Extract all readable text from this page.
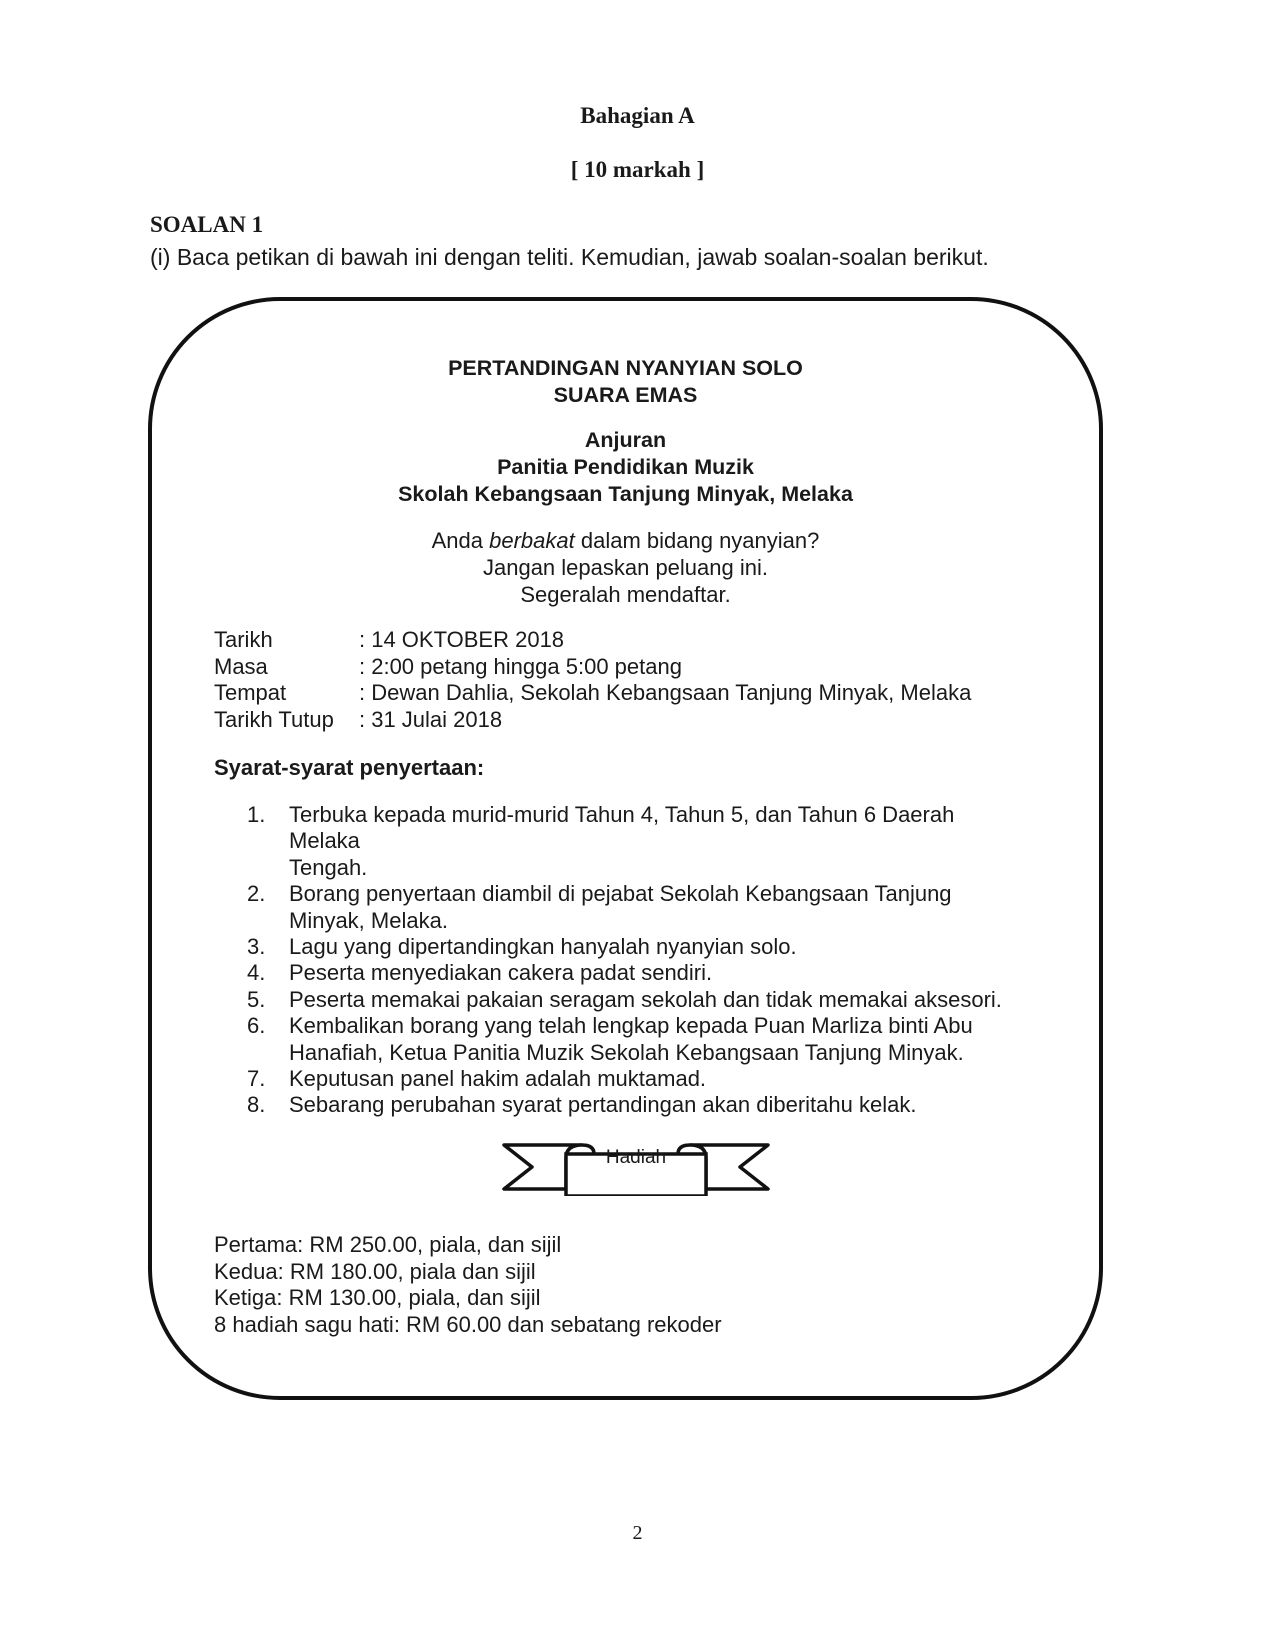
Bahagian A
[ 10 markah ]
SOALAN 1
(i) Baca petikan di bawah ini dengan teliti. Kemudian, jawab soalan-soalan berikut.
PERTANDINGAN NYANYIAN SOLO
SUARA EMAS
Anjuran
Panitia Pendidikan Muzik
Skolah Kebangsaan Tanjung Minyak, Melaka
Anda berbakat dalam bidang nyanyian?
Jangan lepaskan peluang ini.
Segeralah mendaftar.
Tarikh	: 14 OKTOBER 2018
Masa	: 2:00 petang hingga 5:00 petang
Tempat	: Dewan Dahlia, Sekolah Kebangsaan Tanjung Minyak, Melaka
Tarikh Tutup	: 31 Julai 2018
Syarat-syarat penyertaan:
1.	Terbuka kepada murid-murid Tahun 4, Tahun 5, dan Tahun 6 Daerah
Melaka
Tengah.
2.	Borang penyertaan diambil di pejabat Sekolah Kebangsaan Tanjung
Minyak, Melaka.
3.	Lagu yang dipertandingkan hanyalah nyanyian solo.
4.	Peserta menyediakan cakera padat sendiri.
5.	Peserta memakai pakaian seragam sekolah dan tidak memakai aksesori.
6.	Kembalikan borang yang telah lengkap kepada Puan Marliza binti Abu
Hanafiah, Ketua Panitia Muzik Sekolah Kebangsaan Tanjung Minyak.
7.	Keputusan panel hakim adalah muktamad.
8.	Sebarang perubahan syarat pertandingan akan diberitahu kelak.
Hadiah
Pertama: RM 250.00, piala, dan sijil
Kedua: RM 180.00, piala dan sijil
Ketiga: RM 130.00, piala, dan sijil
8 hadiah sagu hati: RM 60.00 dan sebatang rekoder
2
